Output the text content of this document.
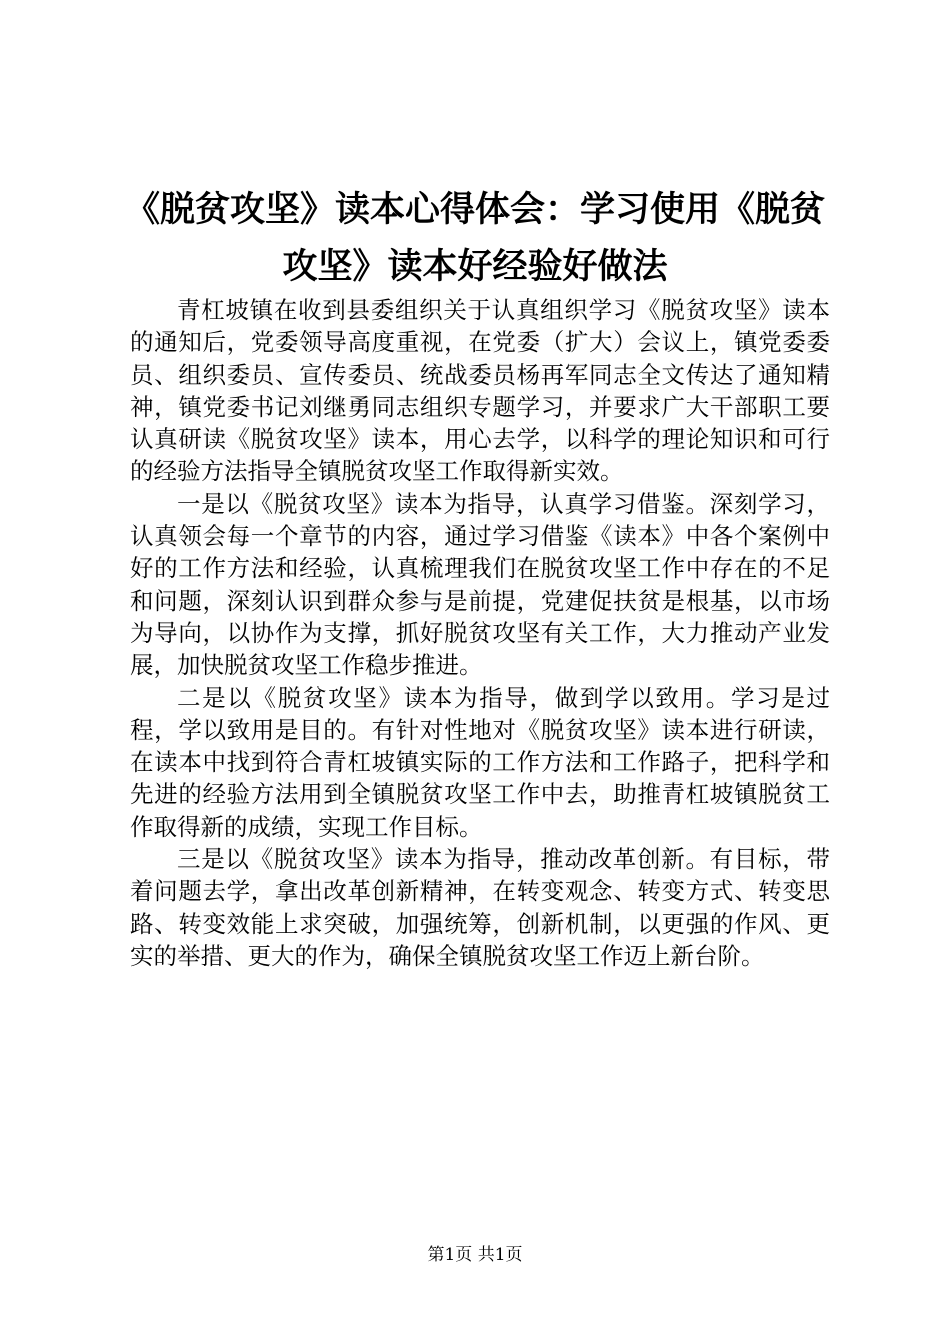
《脱贫攻坚》读本心得体会：学习使用《脱贫攻坚》读本好经验好做法

青杠坡镇在收到县委组织关于认真组织学习《脱贫攻坚》读本的通知后，党委领导高度重视，在党委（扩大）会议上，镇党委委员、组织委员、宣传委员、统战委员杨再军同志全文传达了通知精神，镇党委书记刘继勇同志组织专题学习，并要求广大干部职工要认真研读《脱贫攻坚》读本，用心去学，以科学的理论知识和可行的经验方法指导全镇脱贫攻坚工作取得新实效。

一是以《脱贫攻坚》读本为指导，认真学习借鉴。深刻学习，认真领会每一个章节的内容，通过学习借鉴《读本》中各个案例中好的工作方法和经验，认真梳理我们在脱贫攻坚工作中存在的不足和问题，深刻认识到群众参与是前提，党建促扶贫是根基，以市场为导向，以协作为支撑，抓好脱贫攻坚有关工作，大力推动产业发展，加快脱贫攻坚工作稳步推进。

二是以《脱贫攻坚》读本为指导，做到学以致用。学习是过程，学以致用是目的。有针对性地对《脱贫攻坚》读本进行研读，在读本中找到符合青杠坡镇实际的工作方法和工作路子，把科学和先进的经验方法用到全镇脱贫攻坚工作中去，助推青杠坡镇脱贫工作取得新的成绩，实现工作目标。

三是以《脱贫攻坚》读本为指导，推动改革创新。有目标，带着问题去学，拿出改革创新精神，在转变观念、转变方式、转变思路、转变效能上求突破，加强统筹，创新机制，以更强的作风、更实的举措、更大的作为，确保全镇脱贫攻坚工作迈上新台阶。

第1页 共1页
